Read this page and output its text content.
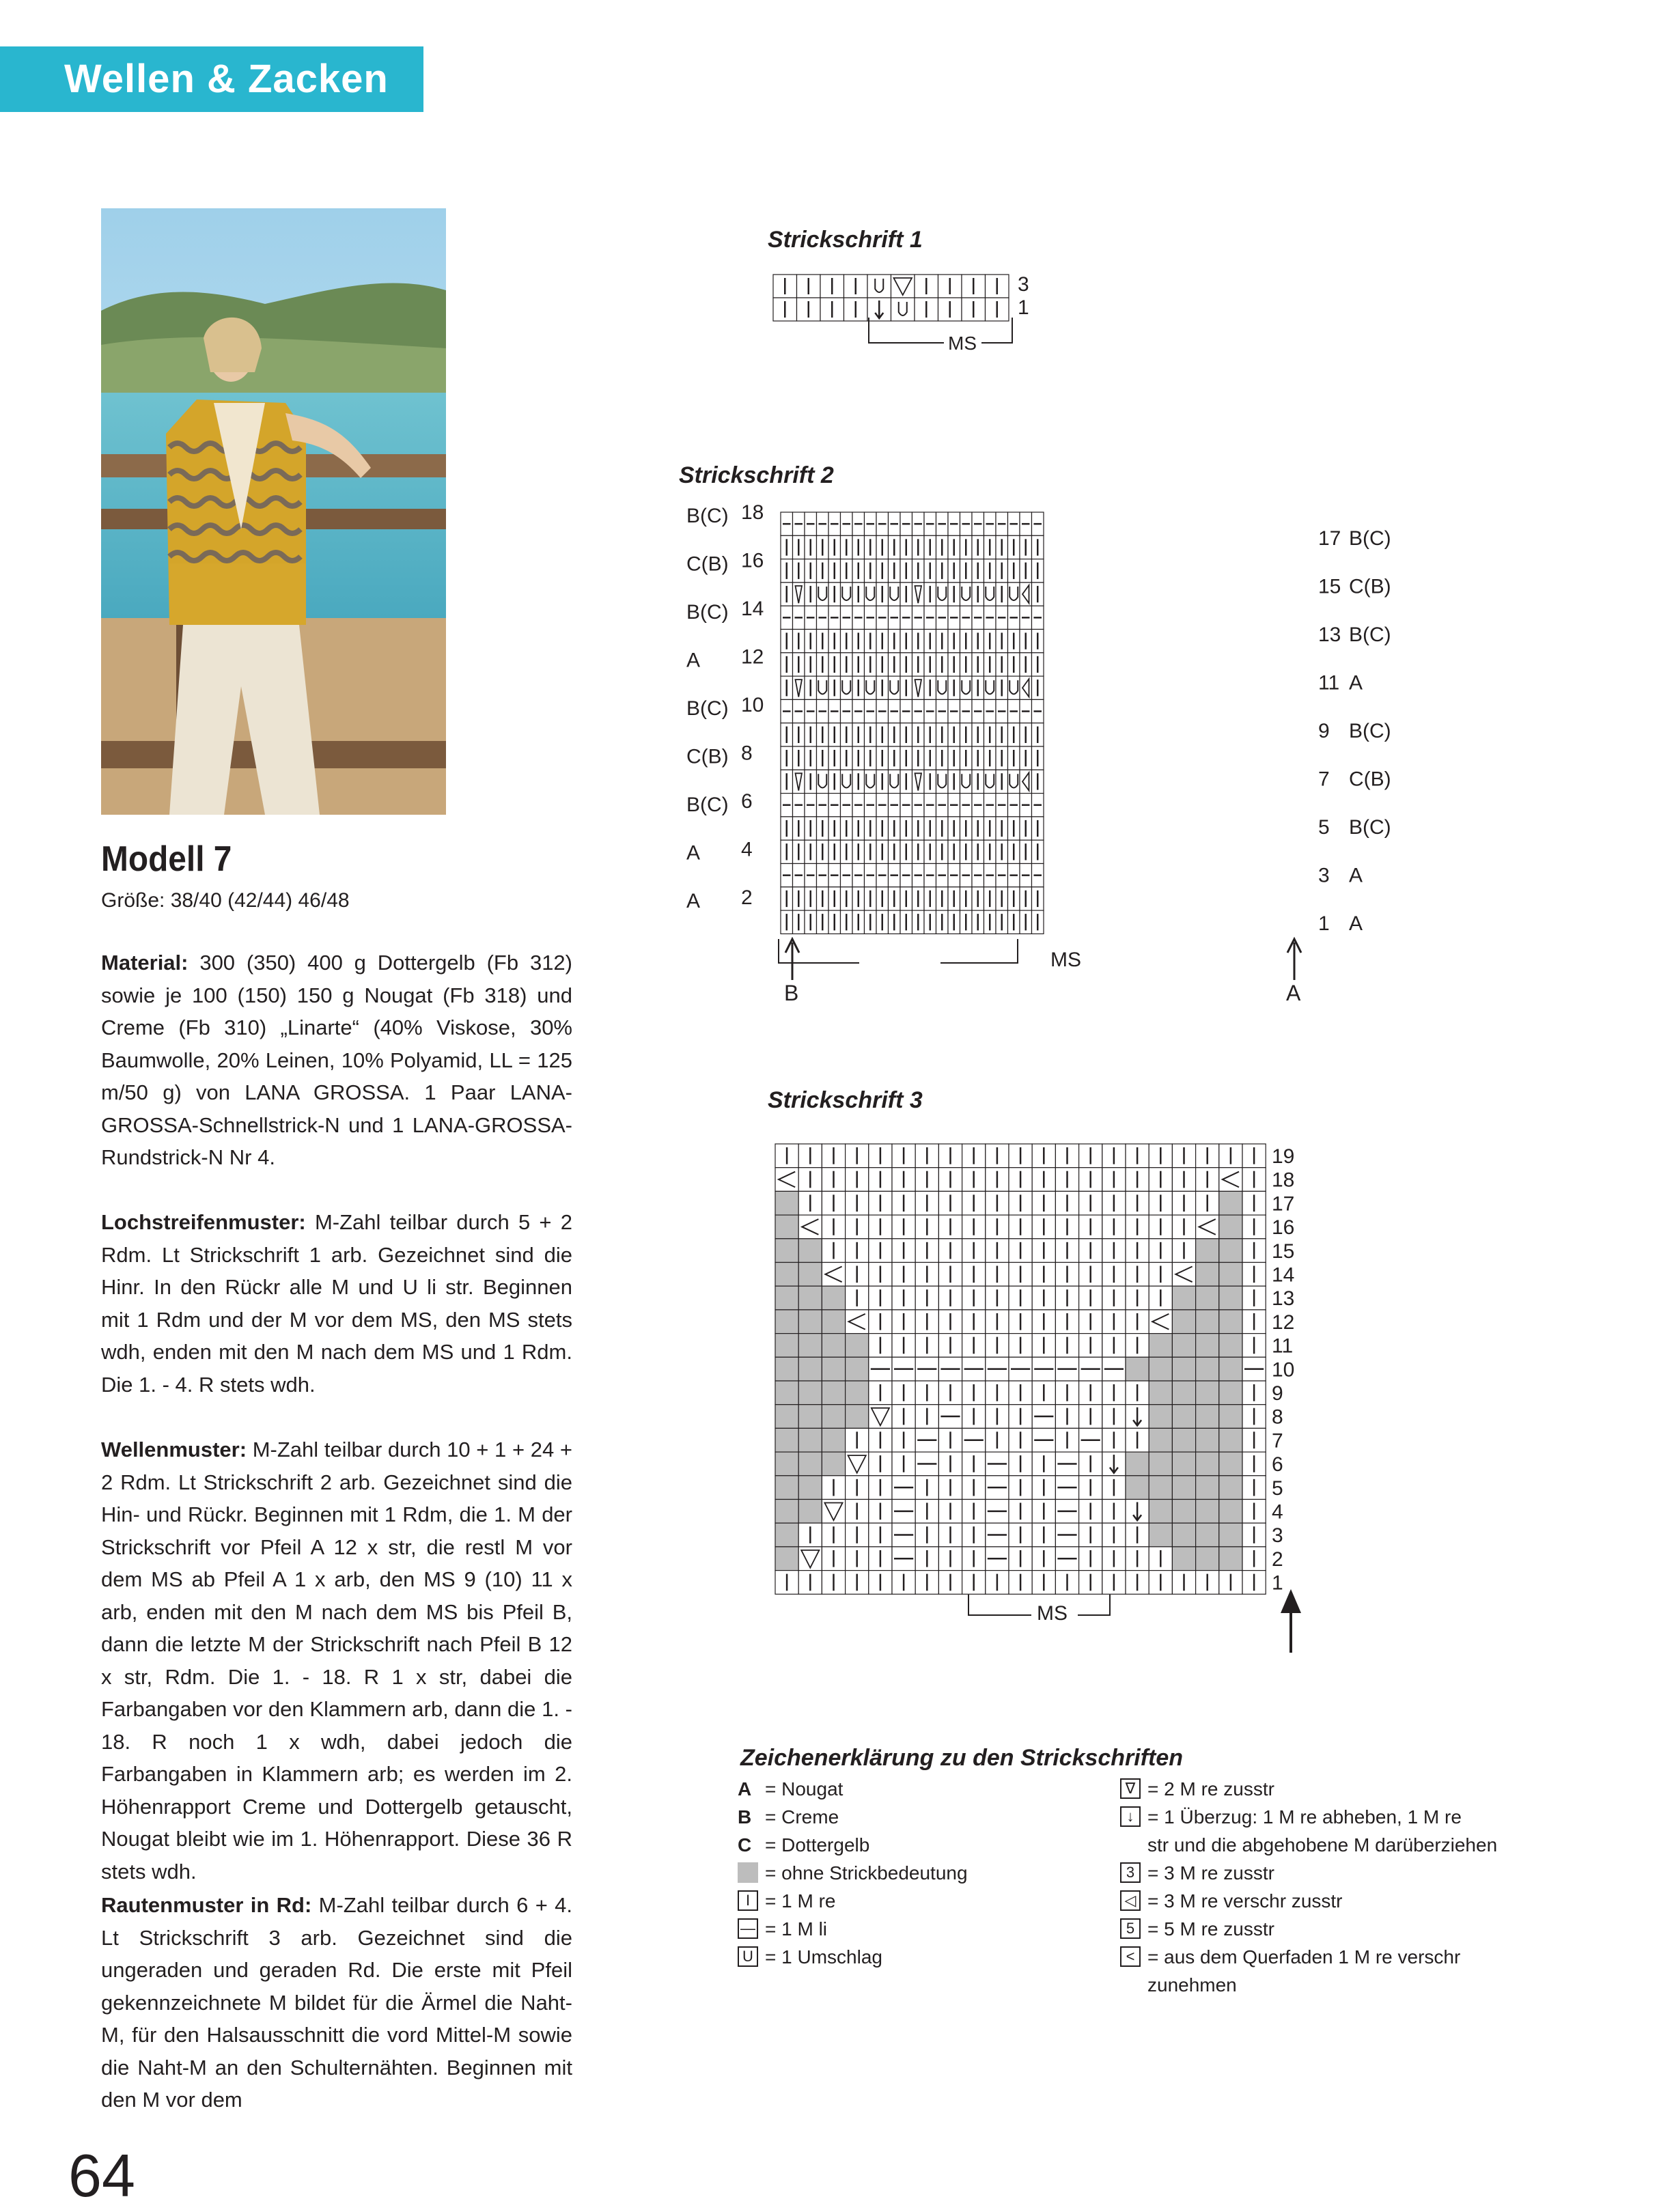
Wellen & Zacken
Modell 7
Größe: 38/40 (42/44) 46/48
Material: 300 (350) 400 g Dottergelb (Fb 312) sowie je 100 (150) 150 g Nougat (Fb 318) und Creme (Fb 310) „Linarte“ (40% Viskose, 30% Baumwolle, 20% Leinen, 10% Polyamid, LL = 125 m/50 g) von LANA GROSSA. 1 Paar LANA-GROSSA-Schnellstrick-N und 1 LANA-GROSSA-Rundstrick-N Nr 4.
Lochstreifenmuster: M-Zahl teilbar durch 5 + 2 Rdm. Lt Strickschrift 1 arb. Gezeichnet sind die Hinr. In den Rückr alle M und U li str. Beginnen mit 1 Rdm und der M vor dem MS, den MS stets wdh, enden mit den M nach dem MS und 1 Rdm. Die 1. - 4. R stets wdh.
Wellenmuster: M-Zahl teilbar durch 10 + 1 + 24 + 2 Rdm. Lt Strickschrift 2 arb. Gezeichnet sind die Hin- und Rückr. Beginnen mit 1 Rdm, die 1. M der Strickschrift vor Pfeil A 12 x str, die restl M vor dem MS ab Pfeil A 1 x arb, den MS 9 (10) 11 x arb, enden mit den M nach dem MS bis Pfeil B, dann die letzte M der Strickschrift nach Pfeil B 12 x str, Rdm. Die 1. - 18. R 1 x str, dabei die Farbangaben vor den Klammern arb, dann die 1. - 18. R noch 1 x wdh, dabei jedoch die Farbangaben in Klammern arb; es werden im 2. Höhenrapport Creme und Dottergelb getauscht, Nougat bleibt wie im 1. Höhenrapport. Diese 36 R stets wdh.
Rautenmuster in Rd: M-Zahl teilbar durch 6 + 4. Lt Strickschrift 3 arb. Gezeichnet sind die ungeraden und geraden Rd. Die erste mit Pfeil gekennzeichnete M bildet für die Ärmel die Naht-M, für den Halsausschnitt die vord Mittel-M sowie die Naht-M an den Schulternähten. Beginnen mit den M vor dem
Strickschrift 1
3
1
MS
Strickschrift 2
B(C) 18
C(B) 16
B(C) 14
A 12
B(C) 10
C(B) 8
B(C) 6
A 4
A 2
17 B(C)
15 C(B)
13 B(C)
11 A
9 B(C)
7 C(B)
5 B(C)
3 A
1 A
MS
B	A
Strickschrift 3
19
18
17
16
15
14
13
12
11
10
9
8
7
6
5
4
3
2
1
MS
Zeichenerklärung zu den Strickschriften
A = Nougat
B = Creme
C = Dottergelb
= ohne Strickbedeutung
I = 1 M re
— = 1 M li
U = 1 Umschlag
∇ = 2 M re zusstr
↓ = 1 Überzug: 1 M re abheben, 1 M re
str und die abgehobene M darüberziehen
3 = 3 M re zusstr
◁ = 3 M re verschr zusstr
5 = 5 M re zusstr
< = aus dem Querfaden 1 M re verschr
zunehmen
64
